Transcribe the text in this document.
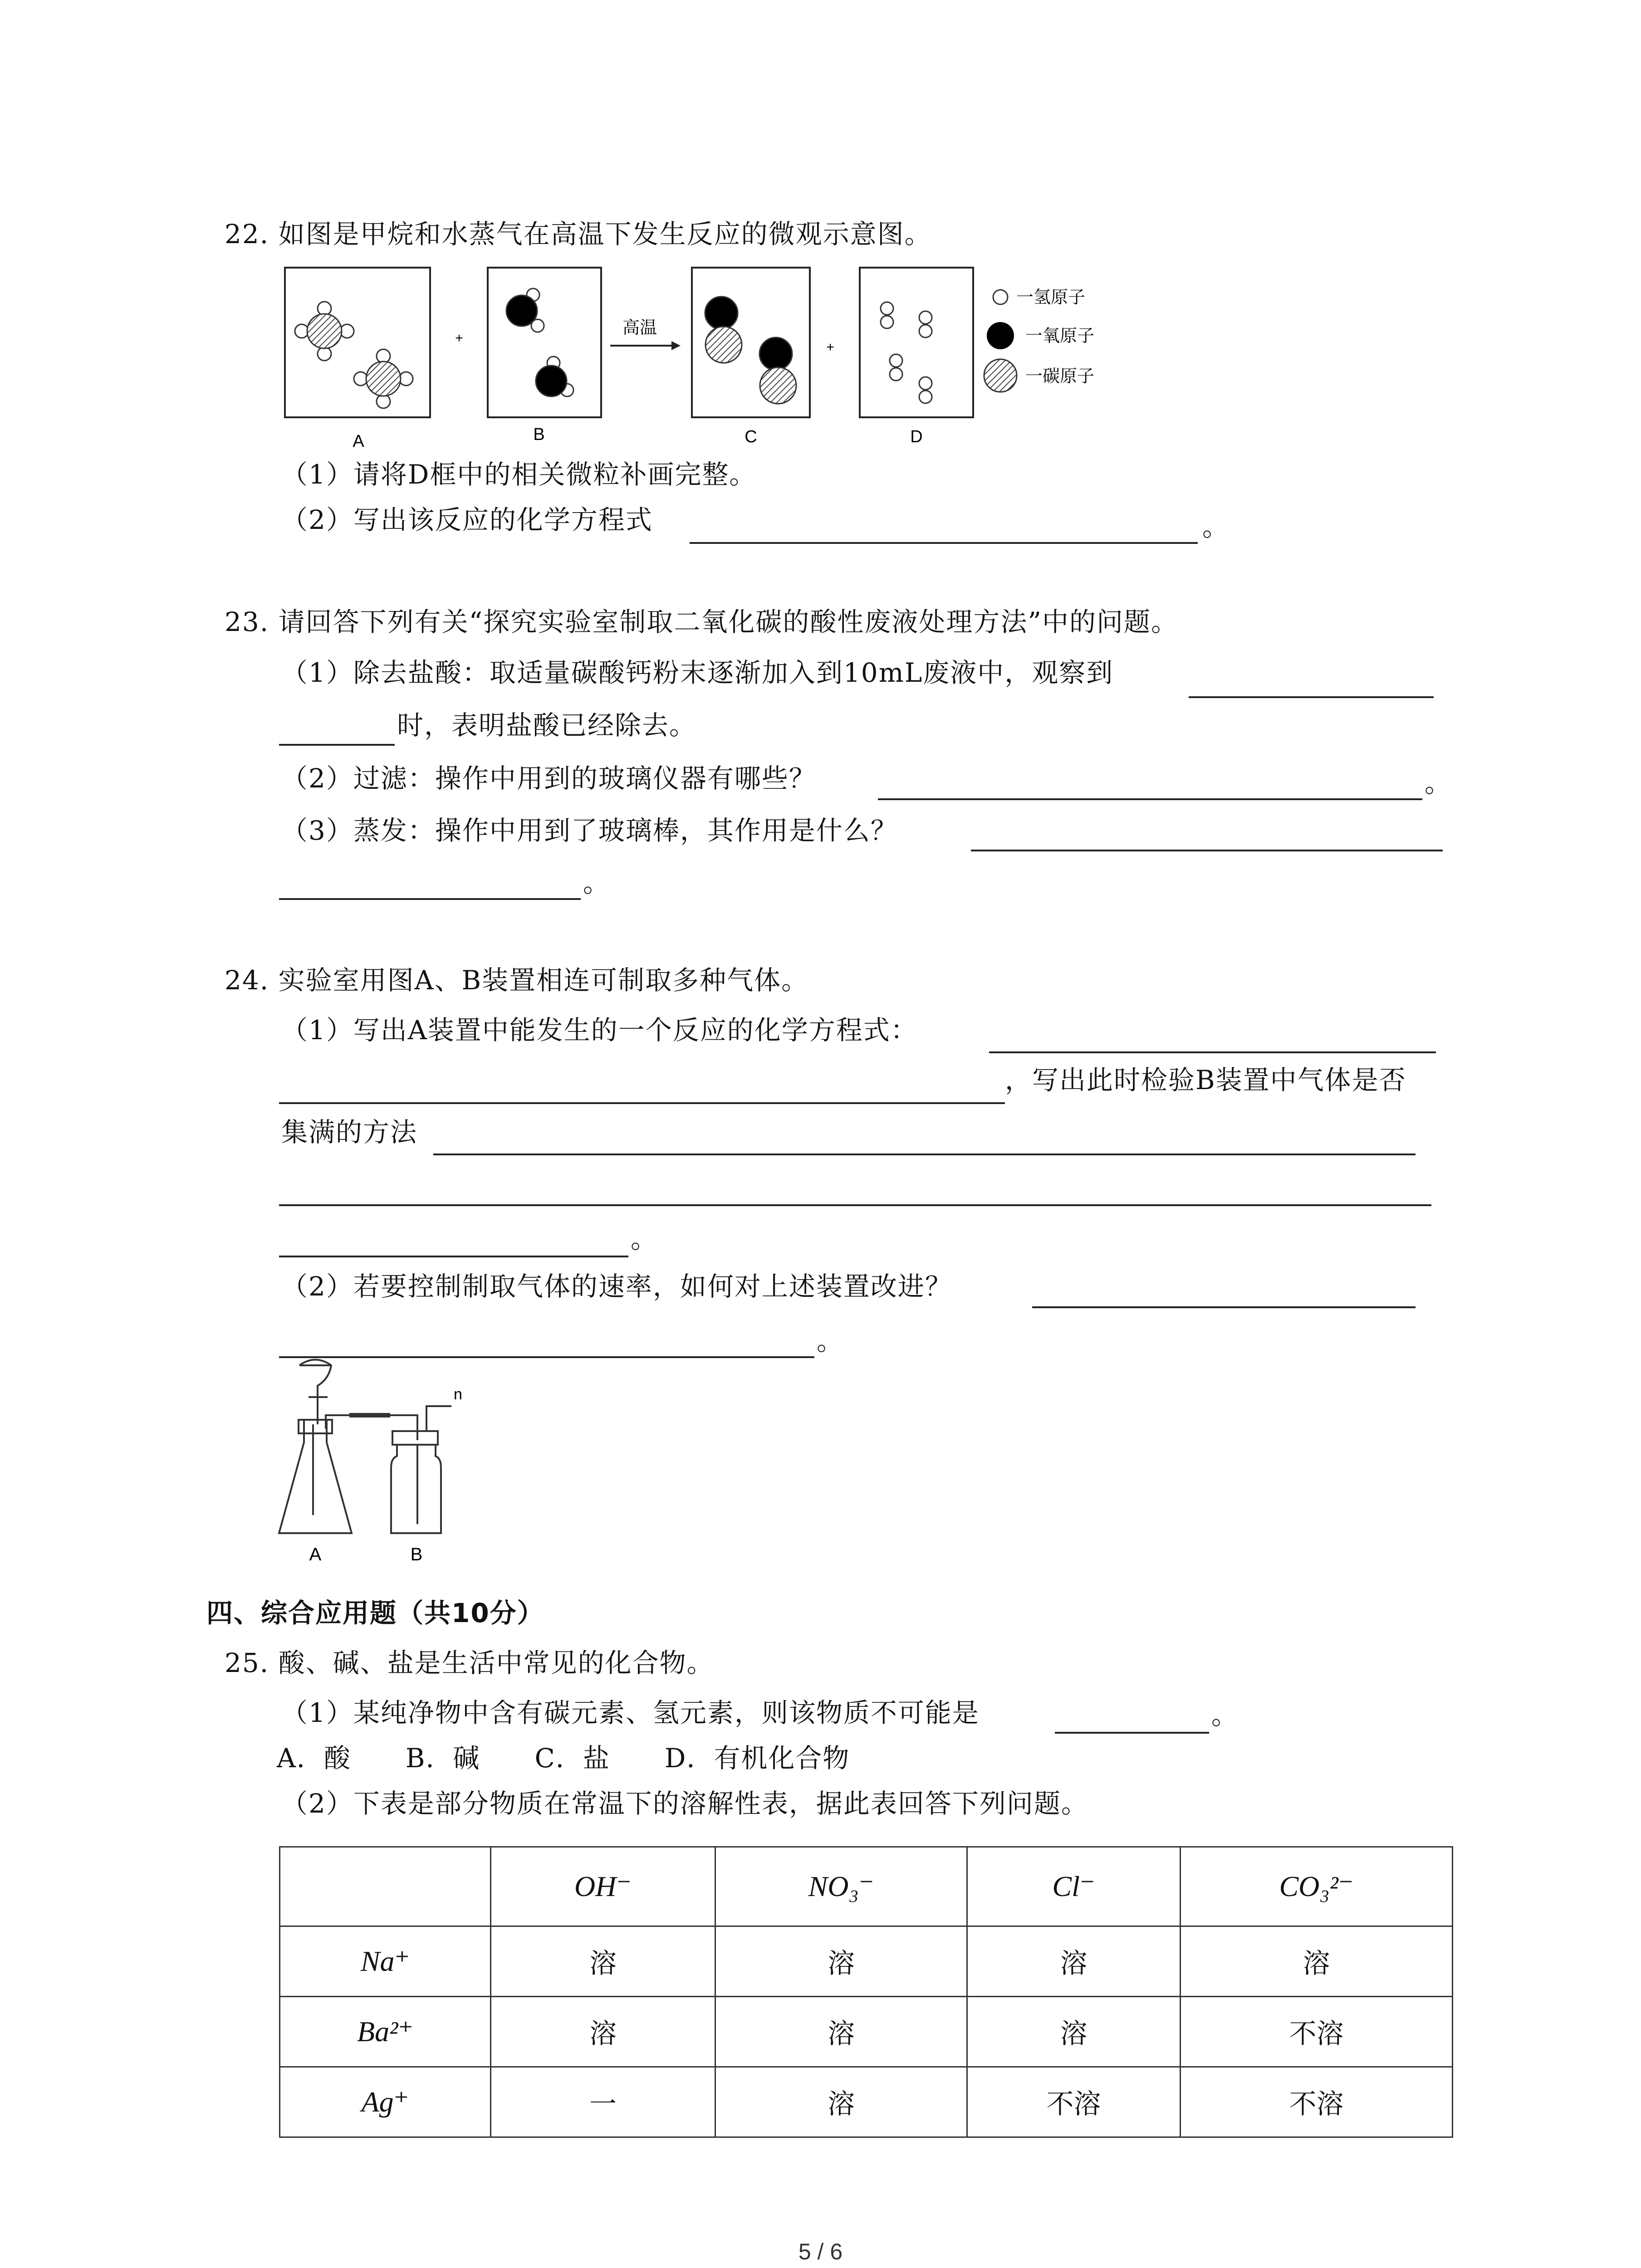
22. 如图是甲烷和水蒸气在高温下发生反应的微观示意图。
A
+
B
高温
C
+
D
一氢原子
一氧原子
一碳原子
（1）请将D框中的相关微粒补画完整。
（2）写出该反应的化学方程式	。
23. 请回答下列有关“探究实验室制取二氧化碳的酸性废液处理方法”中的问题。
（1）除去盐酸：取适量碳酸钙粉末逐渐加入到10mL废液中，观察到
时，表明盐酸已经除去。
（2）过滤：操作中用到的玻璃仪器有哪些？	。
（3）蒸发：操作中用到了玻璃棒，其作用是什么？
。
24. 实验室用图A、B装置相连可制取多种气体。
（1）写出A装置中能发生的一个反应的化学方程式：
，写出此时检验B装置中气体是否
集满的方法
。
（2）若要控制制取气体的速率，如何对上述装置改进？
。
n
A	B
四、综合应用题（共10分）
25. 酸、碱、盐是生活中常见的化合物。
（1）某纯净物中含有碳元素、氢元素，则该物质不可能是	。
A．酸　　B．碱　　C．盐　　D．有机化合物
（2）下表是部分物质在常温下的溶解性表，据此表回答下列问题。
	OH⁻	NO₃⁻	Cl⁻	CO₃²⁻
Na⁺	溶	溶	溶	溶
Ba²⁺	溶	溶	溶	不溶
Ag⁺	一	溶	不溶	不溶
5 / 6
